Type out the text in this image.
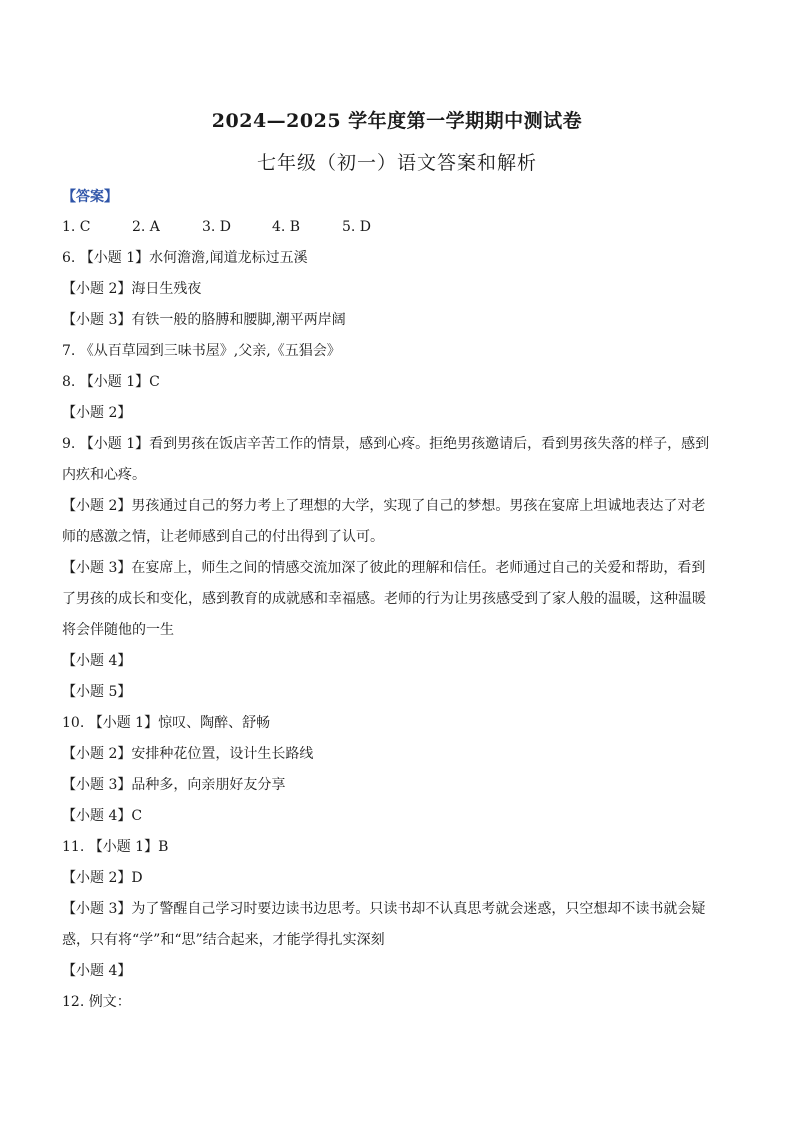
2024—2025 学年度第一学期期中测试卷
七年级（初一）语文答案和解析
【答案】
1. C	2. A	3. D	4. B	5. D
6. 【小题 1】水何澹澹,闻道龙标过五溪
【小题 2】海日生残夜
【小题 3】有铁一般的胳膊和腰脚,潮平两岸阔
7. 《从百草园到三味书屋》,父亲,《五猖会》
8. 【小题 1】C
【小题 2】
9. 【小题 1】看到男孩在饭店辛苦工作的情景，感到心疼。拒绝男孩邀请后，看到男孩失落的样子，感到
内疚和心疼。
【小题 2】男孩通过自己的努力考上了理想的大学，实现了自己的梦想。男孩在宴席上坦诚地表达了对老
师的感激之情，让老师感到自己的付出得到了认可。
【小题 3】在宴席上，师生之间的情感交流加深了彼此的理解和信任。老师通过自己的关爱和帮助，看到
了男孩的成长和变化，感到教育的成就感和幸福感。老师的行为让男孩感受到了家人般的温暖，这种温暖
将会伴随他的一生
【小题 4】
【小题 5】
10. 【小题 1】惊叹、陶醉、舒畅
【小题 2】安排种花位置，设计生长路线
【小题 3】品种多，向亲朋好友分享
【小题 4】C
11. 【小题 1】B
【小题 2】D
【小题 3】为了警醒自己学习时要边读书边思考。只读书却不认真思考就会迷惑，只空想却不读书就会疑
惑，只有将“学”和“思”结合起来，才能学得扎实深刻
【小题 4】
12. 例文：
